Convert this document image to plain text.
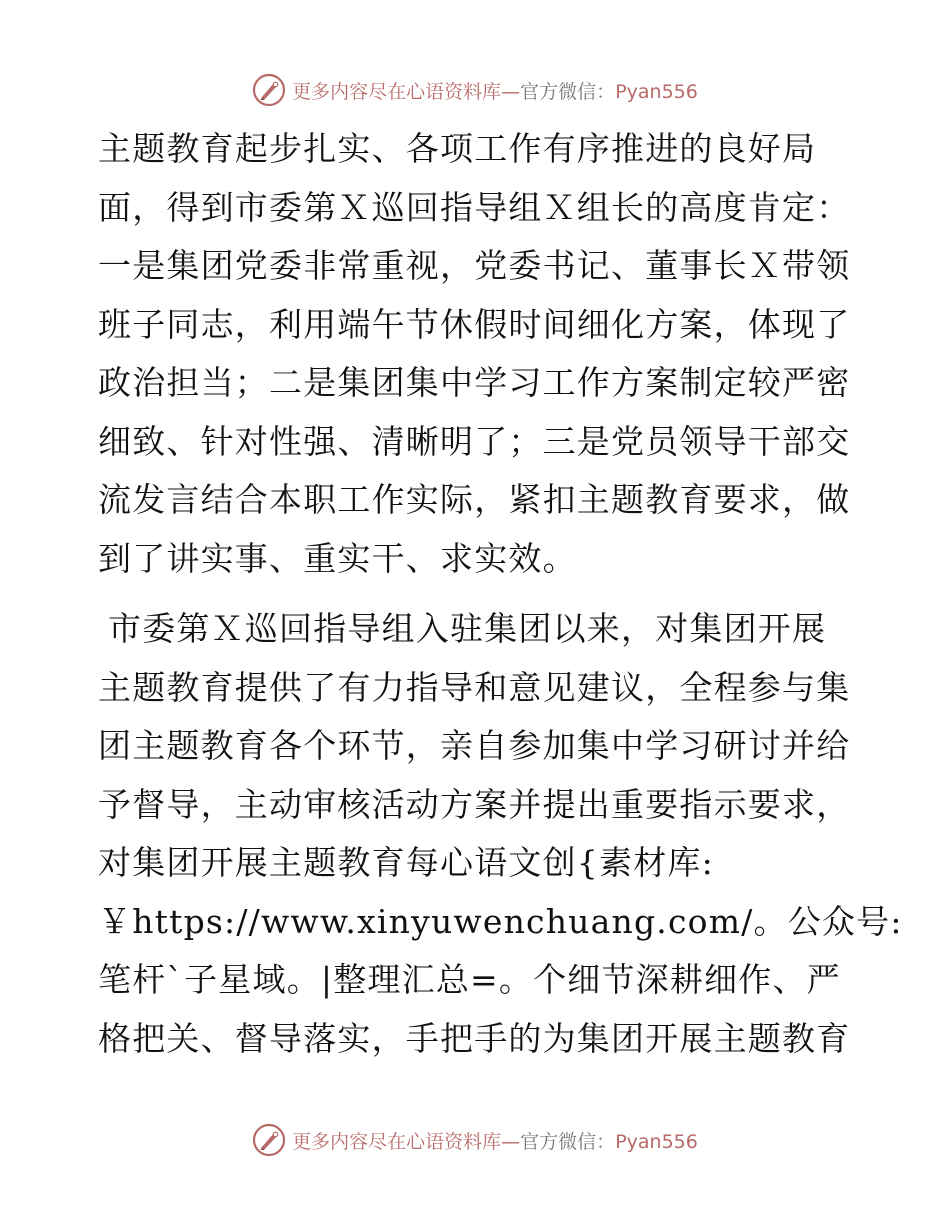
更多内容尽在心语资料库—官方微信：Pyan556
主题教育起步扎实、各项工作有序推进的良好局
面，得到市委第Ｘ巡回指导组Ｘ组长的高度肯定：
一是集团党委非常重视，党委书记、董事长Ｘ带领
班子同志，利用端午节休假时间细化方案，体现了
政治担当；二是集团集中学习工作方案制定较严密
细致、针对性强、清晰明了；三是党员领导干部交
流发言结合本职工作实际，紧扣主题教育要求，做
到了讲实事、重实干、求实效。
市委第Ｘ巡回指导组入驻集团以来，对集团开展
主题教育提供了有力指导和意见建议，全程参与集
团主题教育各个环节，亲自参加集中学习研讨并给
予督导，主动审核活动方案并提出重要指示要求，
对集团开展主题教育每心语文创{素材库:
￥https://www.xinyuwenchuang.com/。公众号:
笔杆`子星域。|整理汇总=。个细节深耕细作、严
格把关、督导落实，手把手的为集团开展主题教育
更多内容尽在心语资料库—官方微信：Pyan556
